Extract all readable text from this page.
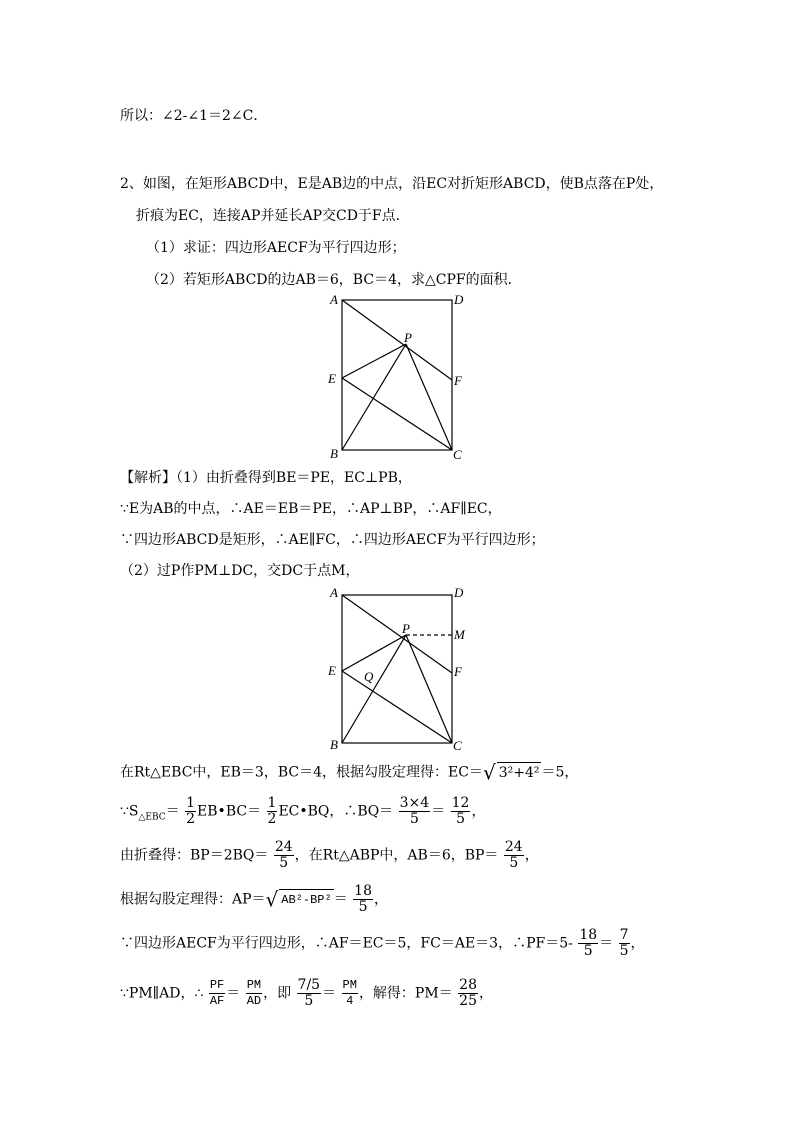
所以：∠2-∠1＝2∠C．
2、如图，在矩形ABCD中，E是AB边的中点，沿EC对折矩形ABCD，使B点落在P处，
折痕为EC，连接AP并延长AP交CD于F点．
（1）求证：四边形AECF为平行四边形；
（2）若矩形ABCD的边AB＝6，BC＝4，求△CPF的面积．
A	D
E	F
P
B	C
【解析】（1）由折叠得到BE＝PE，EC⊥PB，
∵E为AB的中点，∴AE＝EB＝PE，∴AP⊥BP，∴AF∥EC，
∵四边形ABCD是矩形，∴AE∥FC，∴四边形AECF为平行四边形；
（2）过P作PM⊥DC，交DC于点M，
A	D
M
E	F
P
Q
B	C
在Rt△EBC中，EB＝3，BC＝4，根据勾股定理得：EC＝√ 3²+4² ＝5，
$\because S_{\triangle EBC}= \frac{1}{2}$ EB•BC＝ $\frac{1}{2}$ EC•BQ，∴BQ＝ $\frac{3\times 4}{5} = \frac{12}{5}$ ，
由折叠得：$BP=2BQ= \frac{24}{5}$ ，在Rt△ABP中，AB＝6，$BP= \frac{24}{5}$ ，
根据勾股定理得：AP＝√ $AB^2-BP^2 = \frac{18}{5}$ ，
∵四边形AECF为平行四边形，∴AF＝EC＝5，FC＝AE＝3，∴PF＝5- $\frac{18}{5} = \frac{7}{5}$ ，
∵PM∥AD，∴ $\frac{PF}{AF} = \frac{PM}{AD}$ ，即 $\frac{7/5}{5} = \frac{PM}{4}$ ，解得：$PM= \frac{28}{25}$ ，
